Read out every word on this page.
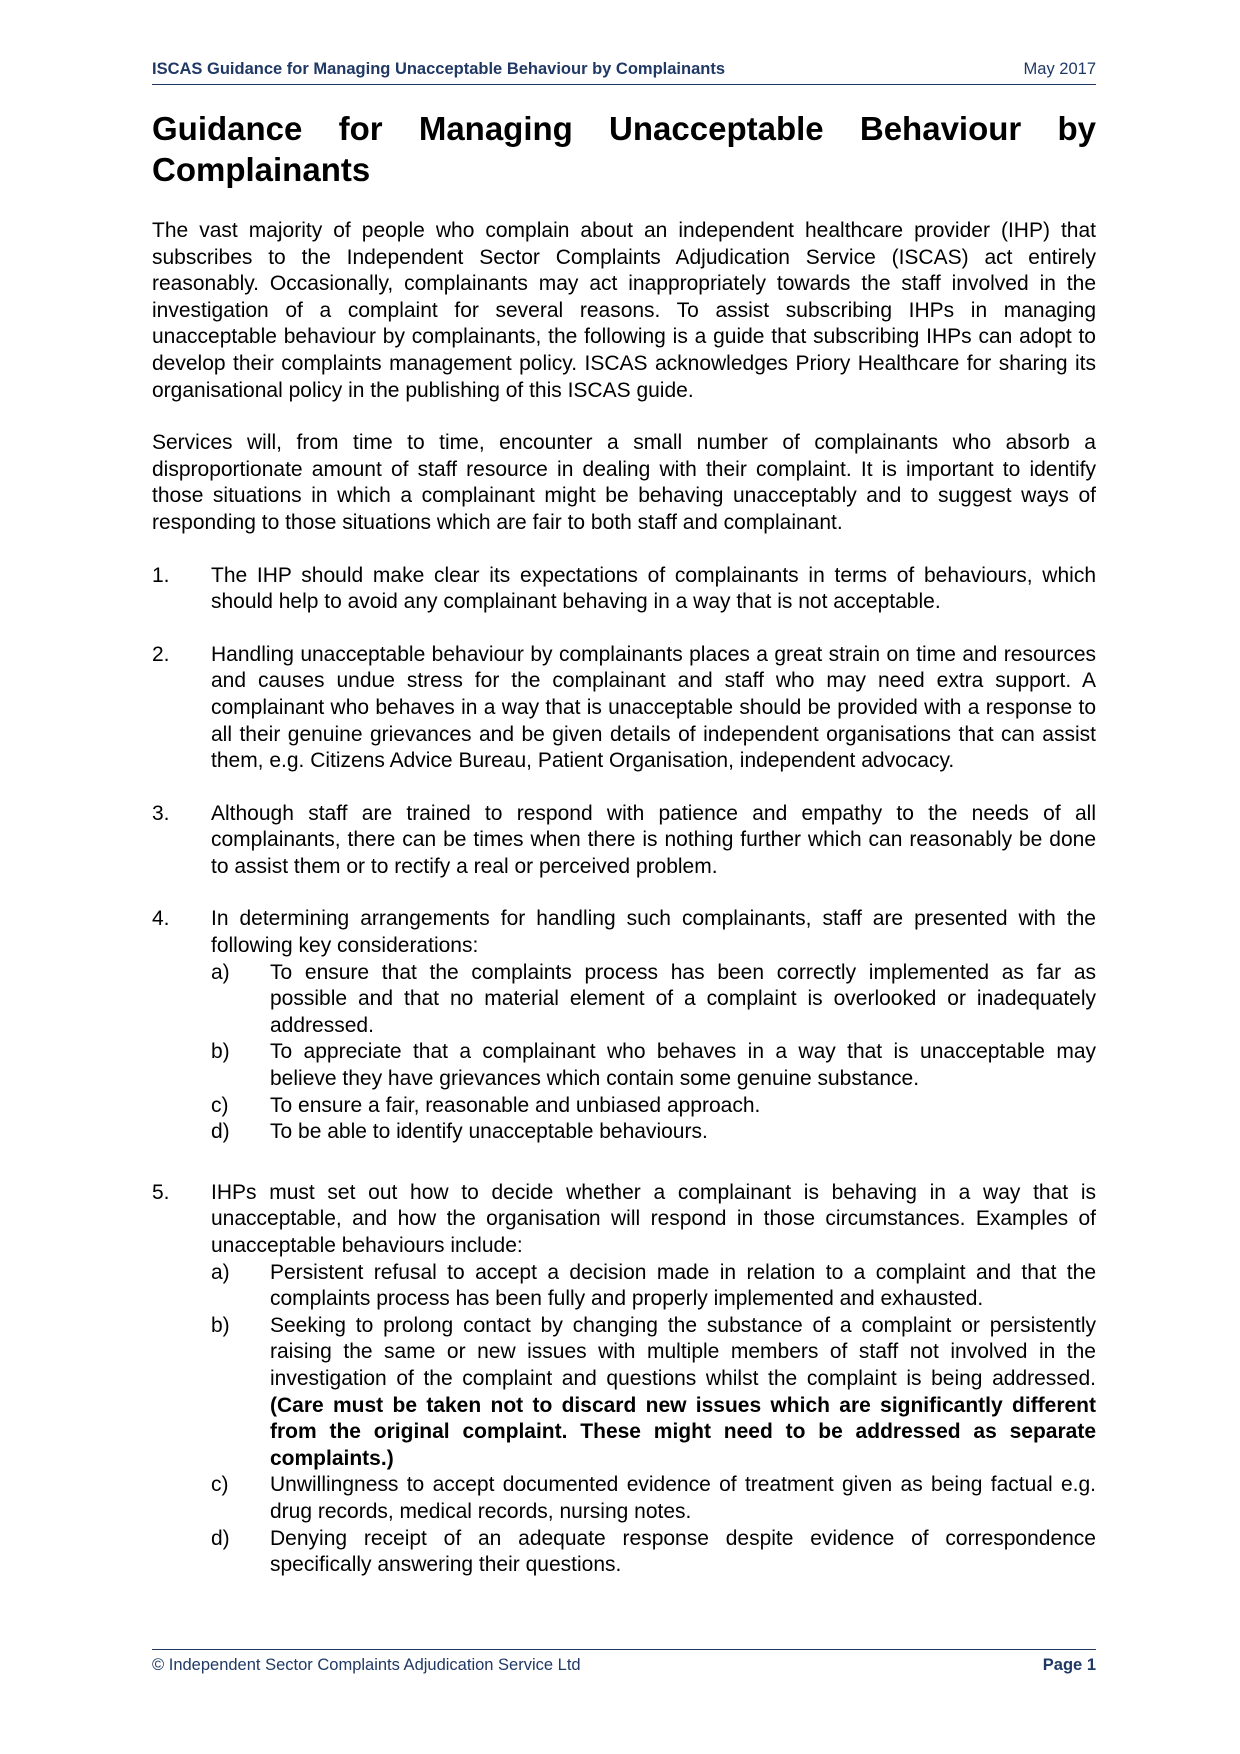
ISCAS Guidance for Managing Unacceptable Behaviour by Complainants	May 2017
Guidance for Managing Unacceptable Behaviour by Complainants

The vast majority of people who complain about an independent healthcare provider (IHP) that subscribes to the Independent Sector Complaints Adjudication Service (ISCAS) act entirely reasonably. Occasionally, complainants may act inappropriately towards the staff involved in the investigation of a complaint for several reasons. To assist subscribing IHPs in managing unacceptable behaviour by complainants, the following is a guide that subscribing IHPs can adopt to develop their complaints management policy. ISCAS acknowledges Priory Healthcare for sharing its organisational policy in the publishing of this ISCAS guide.

Services will, from time to time, encounter a small number of complainants who absorb a disproportionate amount of staff resource in dealing with their complaint. It is important to identify those situations in which a complainant might be behaving unacceptably and to suggest ways of responding to those situations which are fair to both staff and complainant.

1. The IHP should make clear its expectations of complainants in terms of behaviours, which should help to avoid any complainant behaving in a way that is not acceptable.
2. Handling unacceptable behaviour by complainants places a great strain on time and resources and causes undue stress for the complainant and staff who may need extra support. A complainant who behaves in a way that is unacceptable should be provided with a response to all their genuine grievances and be given details of independent organisations that can assist them, e.g. Citizens Advice Bureau, Patient Organisation, independent advocacy.
3. Although staff are trained to respond with patience and empathy to the needs of all complainants, there can be times when there is nothing further which can reasonably be done to assist them or to rectify a real or perceived problem.
4. In determining arrangements for handling such complainants, staff are presented with the following key considerations:
a) To ensure that the complaints process has been correctly implemented as far as possible and that no material element of a complaint is overlooked or inadequately addressed.
b) To appreciate that a complainant who behaves in a way that is unacceptable may believe they have grievances which contain some genuine substance.
c) To ensure a fair, reasonable and unbiased approach.
d) To be able to identify unacceptable behaviours.
5. IHPs must set out how to decide whether a complainant is behaving in a way that is unacceptable, and how the organisation will respond in those circumstances. Examples of unacceptable behaviours include:
a) Persistent refusal to accept a decision made in relation to a complaint and that the complaints process has been fully and properly implemented and exhausted.
b) Seeking to prolong contact by changing the substance of a complaint or persistently raising the same or new issues with multiple members of staff not involved in the investigation of the complaint and questions whilst the complaint is being addressed. (Care must be taken not to discard new issues which are significantly different from the original complaint. These might need to be addressed as separate complaints.)
c) Unwillingness to accept documented evidence of treatment given as being factual e.g. drug records, medical records, nursing notes.
d) Denying receipt of an adequate response despite evidence of correspondence specifically answering their questions.
© Independent Sector Complaints Adjudication Service Ltd	Page 1
